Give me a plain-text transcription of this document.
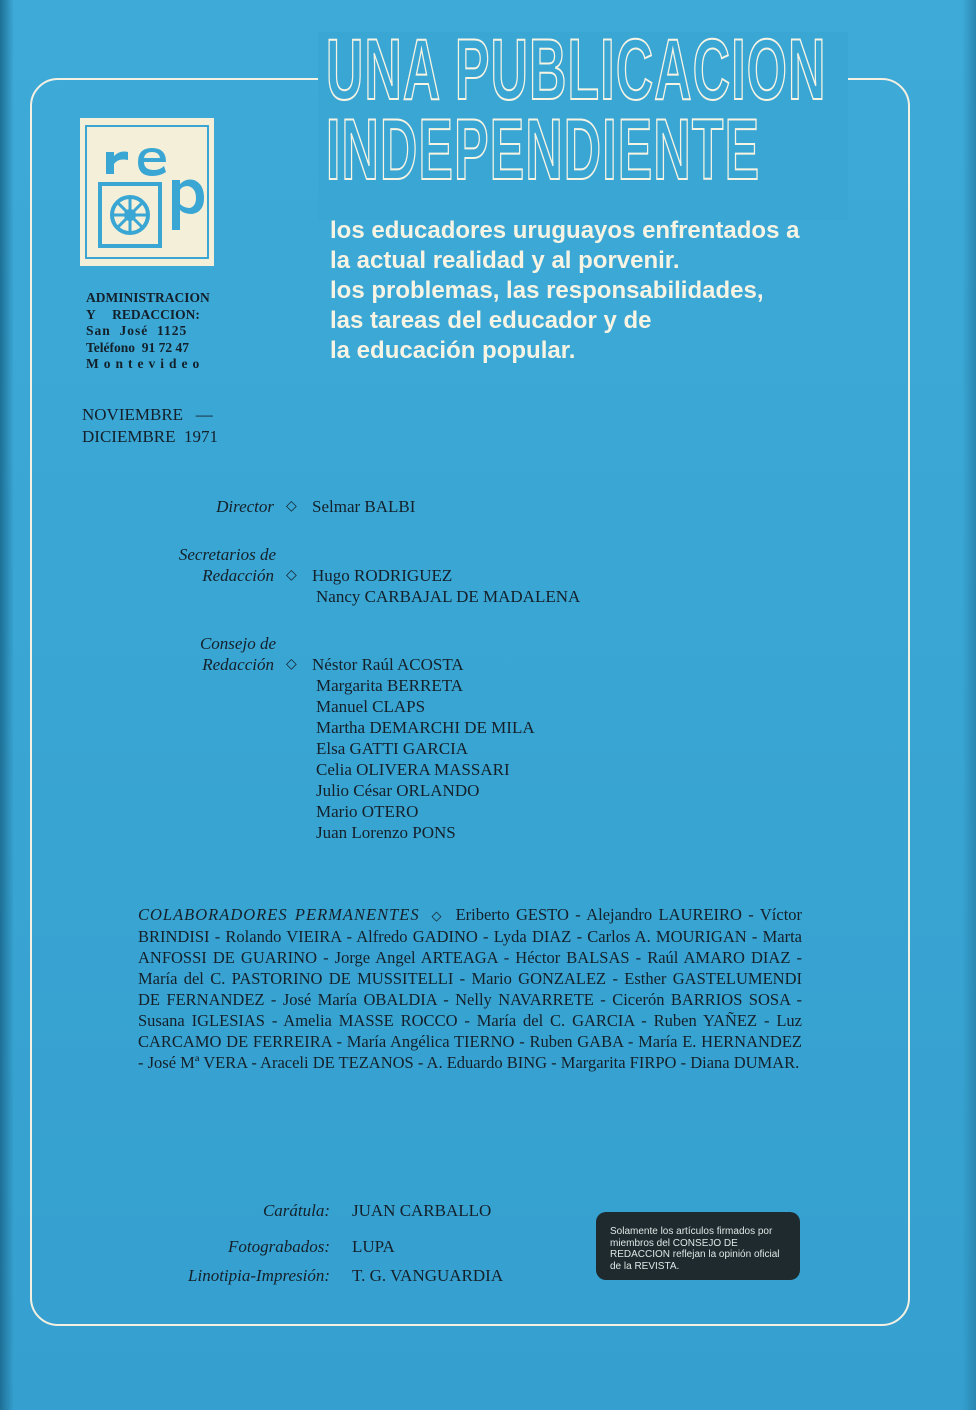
UNA PUBLICACION
INDEPENDIENTE
los educadores uruguayos enfrentados a
la actual realidad y al porvenir.
los problemas, las responsabilidades,
las tareas del educador y de
la educación popular.
ADMINISTRACION
Y     REDACCION:
San  José  1125
Teléfono  91 72 47
Montevideo
NOVIEMBRE   —
DICIEMBRE  1971
Director ◇ Selmar BALBI
Secretarios de
Redacción ◇ Hugo RODRIGUEZ
Nancy CARBAJAL DE MADALENA
Consejo de
Redacción ◇ Néstor Raúl ACOSTA
Margarita BERRETA
Manuel CLAPS
Martha DEMARCHI DE MILA
Elsa GATTI GARCIA
Celia OLIVERA MASSARI
Julio César ORLANDO
Mario OTERO
Juan Lorenzo PONS
COLABORADORES PERMANENTES  ◇  Eriberto GESTO - Alejandro LAUREIRO - Víctor BRINDISI - Rolando VIEIRA - Alfredo GADINO - Lyda DIAZ - Carlos A. MOURIGAN - Marta ANFOSSI DE GUARINO - Jorge Angel ARTEAGA - Héctor BALSAS - Raúl AMARO DIAZ - María del C. PASTORINO DE MUSSITELLI - Mario GONZALEZ - Esther GASTELUMENDI DE FERNANDEZ - José María OBALDIA - Nelly NAVARRETE - Cicerón BARRIOS SOSA - Susana IGLESIAS - Amelia MASSE ROCCO - María del C. GARCIA - Ruben YAÑEZ - Luz CARCAMO DE FERREIRA - María Angélica TIERNO - Ruben GABA - María E. HERNANDEZ - José Mª VERA - Araceli DE TEZANOS - A. Eduardo BING - Margarita FIRPO - Diana DUMAR.
Carátula: JUAN CARBALLO
Fotograbados: LUPA
Linotipia-Impresión: T. G. VANGUARDIA
Solamente los artículos firmados por miembros del CONSEJO DE REDACCION reflejan la opinión oficial de la REVISTA.
